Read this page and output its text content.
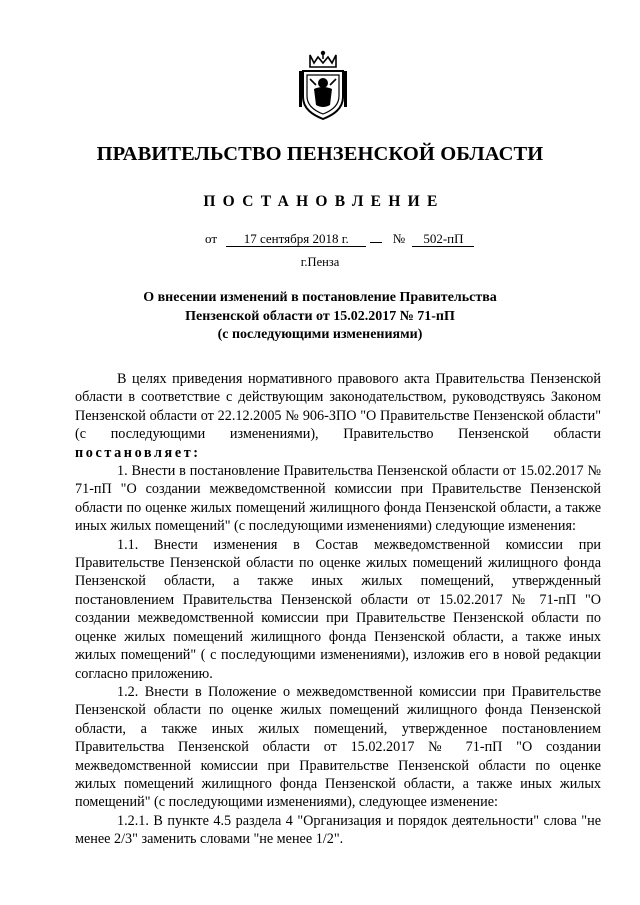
ПРАВИТЕЛЬСТВО ПЕНЗЕНСКОЙ ОБЛАСТИ
ПОСТАНОВЛЕНИЕ
от 17 сентября 2018 г.	№ 502-пП
г.Пенза
О внесении изменений в постановление Правительства
Пензенской области от 15.02.2017 № 71-пП
(с последующими изменениями)

В целях приведения нормативного правового акта Правительства Пензенской области в соответствие с действующим законодательством, руководствуясь Законом Пензенской области от 22.12.2005 № 906-ЗПО "О Правительстве Пензенской области" (с последующими изменениями), Правительство Пензенской области постановляет:

1. Внести в постановление Правительства Пензенской области от 15.02.2017 № 71-пП "О создании межведомственной комиссии при Правительстве Пензенской области по оценке жилых помещений жилищного фонда Пензенской области, а также иных жилых помещений" (с последующими изменениями) следующие изменения:

1.1. Внести изменения в Состав межведомственной комиссии при Правительстве Пензенской области по оценке жилых помещений жилищного фонда Пензенской области, а также иных жилых помещений, утвержденный постановлением Правительства Пензенской области от 15.02.2017 № 71-пП "О создании межведомственной комиссии при Правительстве Пензенской области по оценке жилых помещений жилищного фонда Пензенской области, а также иных жилых помещений" ( с последующими изменениями), изложив его в новой редакции согласно приложению.

1.2. Внести в Положение о межведомственной комиссии при Правительстве Пензенской области по оценке жилых помещений жилищного фонда Пензенской области, а также иных жилых помещений, утвержденное постановлением Правительства Пензенской области от 15.02.2017 № 71-пП "О создании межведомственной комиссии при Правительстве Пензенской области по оценке жилых помещений жилищного фонда Пензенской области, а также иных жилых помещений" (с последующими изменениями), следующее изменение:

1.2.1. В пункте 4.5 раздела 4 "Организация и порядок деятельности" слова "не менее 2/3" заменить словами "не менее 1/2".
